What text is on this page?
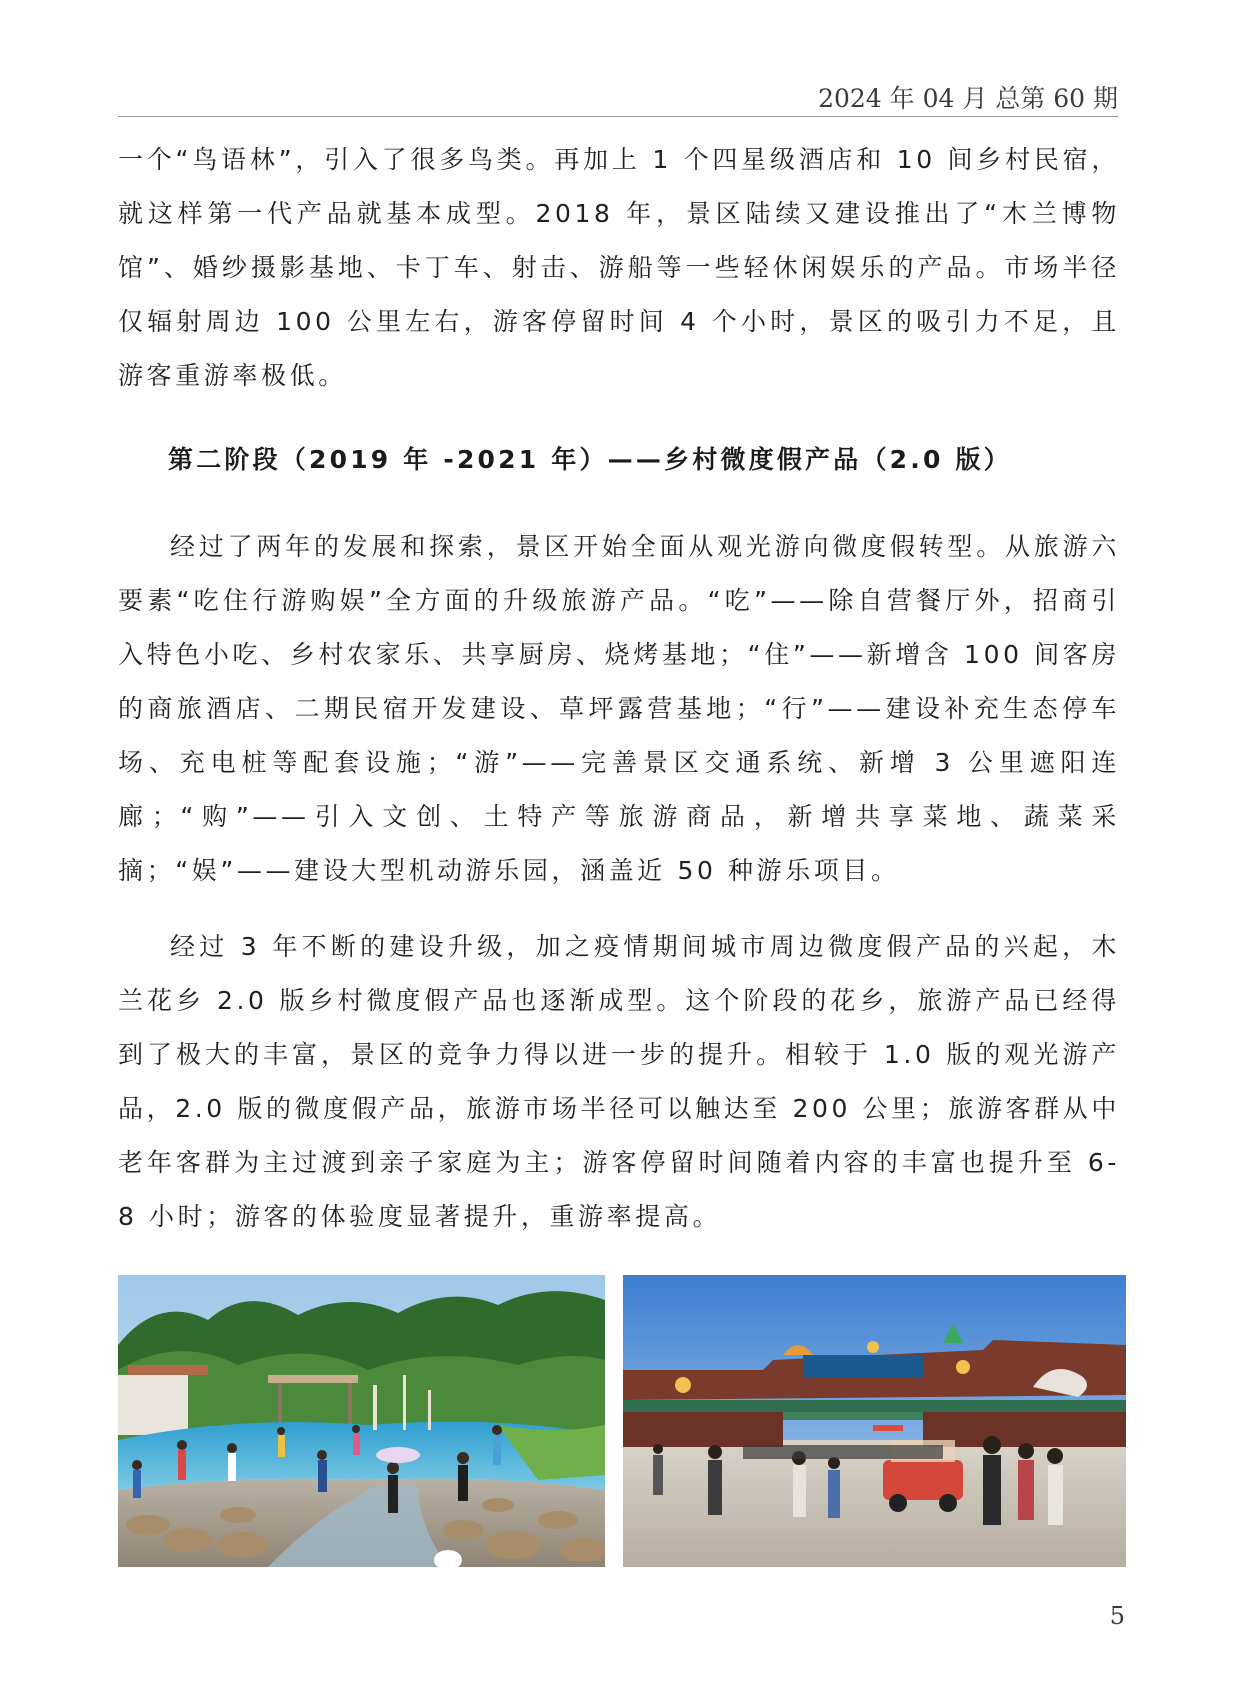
2024 年 04 月 总第 60 期
一个“鸟语林”，引入了很多鸟类。再加上 1 个四星级酒店和 10 间乡村民宿，就这样第一代产品就基本成型。2018 年，景区陆续又建设推出了“木兰博物馆”、婚纱摄影基地、卡丁车、射击、游船等一些轻休闲娱乐的产品。市场半径仅辐射周边 100 公里左右，游客停留时间 4 个小时，景区的吸引力不足，且游客重游率极低。
第二阶段（2019 年 -2021 年）——乡村微度假产品（2.0 版）
经过了两年的发展和探索，景区开始全面从观光游向微度假转型。从旅游六要素“吃住行游购娱”全方面的升级旅游产品。“吃”——除自营餐厅外，招商引入特色小吃、乡村农家乐、共享厨房、烧烤基地；“住”——新增含 100 间客房的商旅酒店、二期民宿开发建设、草坪露营基地；“行”——建设补充生态停车场、充电桩等配套设施；“游”——完善景区交通系统、新增 3 公里遮阳连廊；“购”——引入文创、土特产等旅游商品，新增共享菜地、蔬菜采摘；“娱”——建设大型机动游乐园，涵盖近 50 种游乐项目。
经过 3 年不断的建设升级，加之疫情期间城市周边微度假产品的兴起，木兰花乡 2.0 版乡村微度假产品也逐渐成型。这个阶段的花乡，旅游产品已经得到了极大的丰富，景区的竞争力得以进一步的提升。相较于 1.0 版的观光游产品，2.0 版的微度假产品，旅游市场半径可以触达至 200 公里；旅游客群从中老年客群为主过渡到亲子家庭为主；游客停留时间随着内容的丰富也提升至 6-8 小时；游客的体验度显著提升，重游率提高。
5
